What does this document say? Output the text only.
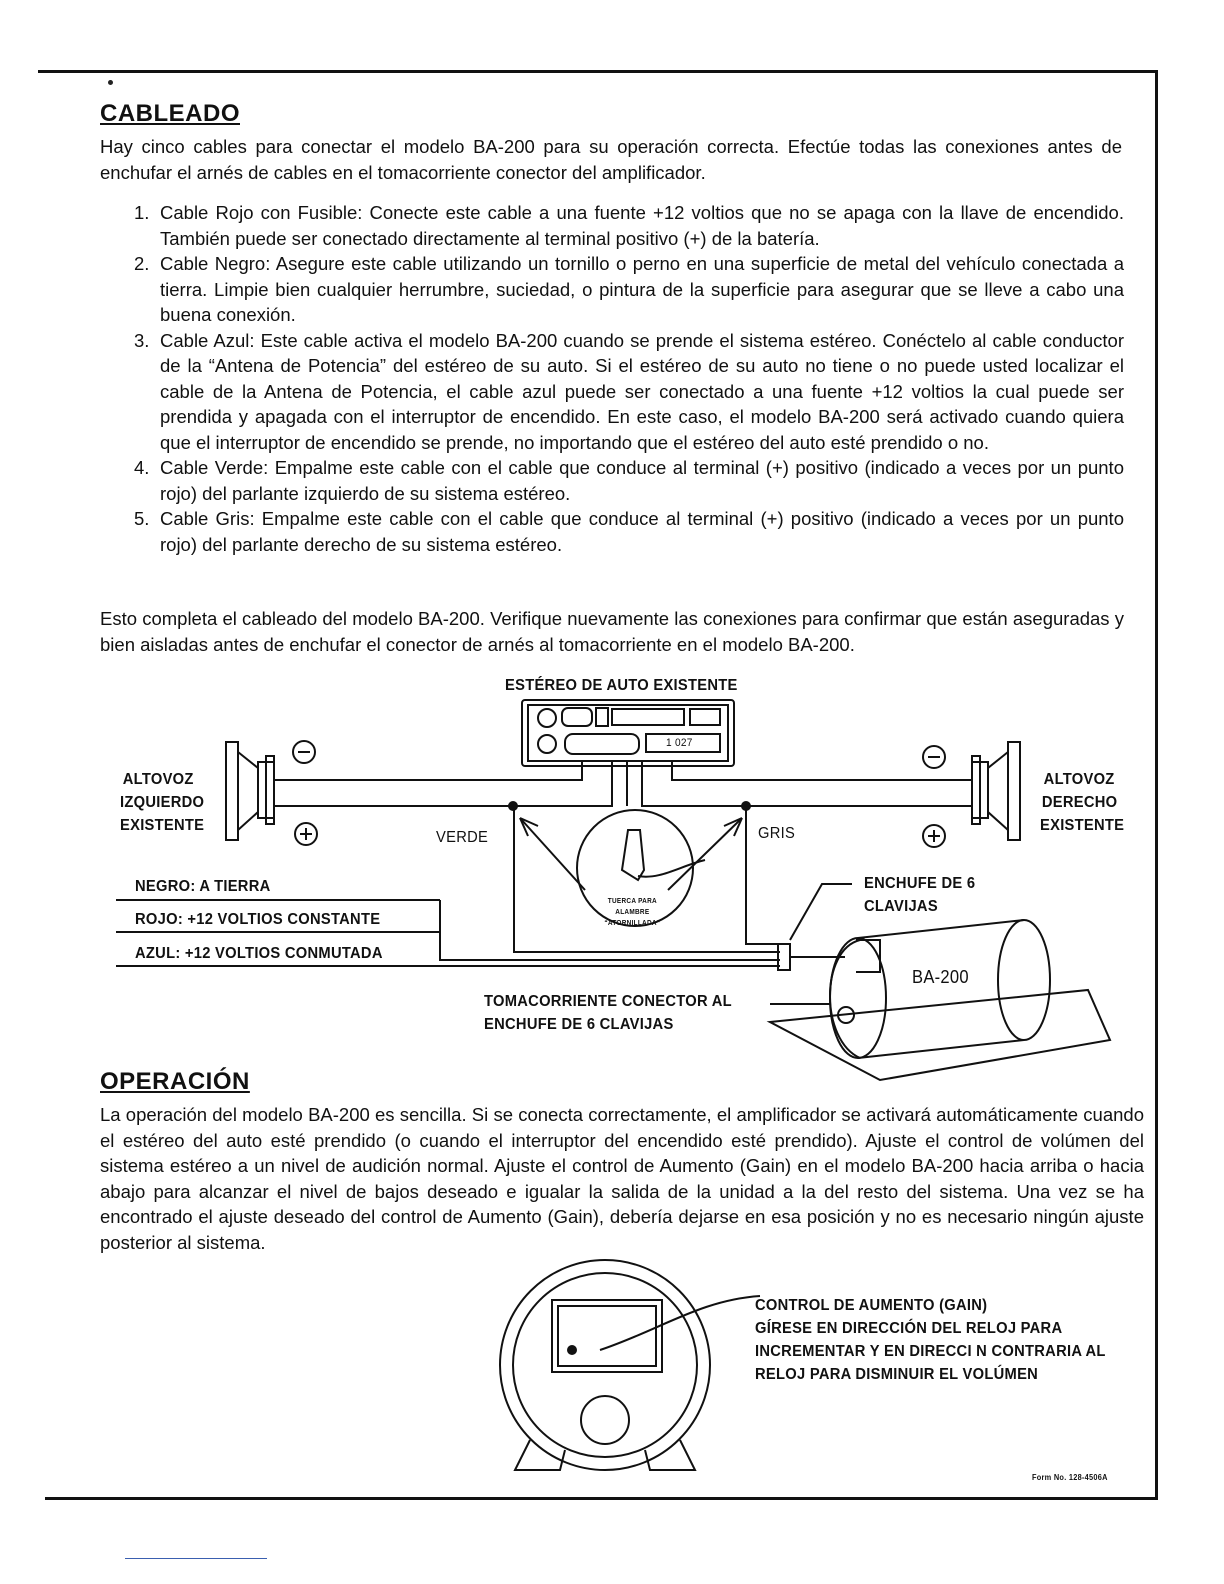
CABLEADO

Hay cinco cables para conectar el modelo BA-200 para su operación correcta. Efectúe todas las conexiones antes de enchufar el arnés de cables en el tomacorriente conector del amplificador.

1. Cable Rojo con Fusible: Conecte este cable a una fuente +12 voltios que no se apaga con la llave de encendido. También puede ser conectado directamente al terminal positivo (+) de la batería.
2. Cable Negro: Asegure este cable utilizando un tornillo o perno en una superficie de metal del vehículo conectada a tierra. Limpie bien cualquier herrumbre, suciedad, o pintura de la superficie para asegurar que se lleve a cabo una buena conexión.
3. Cable Azul: Este cable activa el modelo BA-200 cuando se prende el sistema estéreo. Conéctelo al cable conductor de la “Antena de Potencia” del estéreo de su auto. Si el estéreo de su auto no tiene o no puede usted localizar el cable de la Antena de Potencia, el cable azul puede ser conectado a una fuente +12 voltios la cual puede ser prendida y apagada con el interruptor de encendido. En este caso, el modelo BA-200 será activado cuando quiera que el interruptor de encendido se prende, no importando que el estéreo del auto esté prendido o no.
4. Cable Verde: Empalme este cable con el cable que conduce al terminal (+) positivo (indicado a veces por un punto rojo) del parlante izquierdo de su sistema estéreo.
5. Cable Gris: Empalme este cable con el cable que conduce al terminal (+) positivo (indicado a veces por un punto rojo) del parlante derecho de su sistema estéreo.

Esto completa el cableado del modelo BA-200. Verifique nuevamente las conexiones para confirmar que están aseguradas y bien aisladas antes de enchufar el conector de arnés al tomacorriente en el modelo BA-200.

ESTÉREO DE AUTO EXISTENTE
ALTOVOZ
IZQUIERDO
EXISTENTE
ALTOVOZ
DERECHO
EXISTENTE
VERDE	GRIS
NEGRO: A TIERRA
ROJO: +12 VOLTIOS CONSTANTE
AZUL: +12 VOLTIOS CONMUTADA
ENCHUFE DE 6
CLAVIJAS
TOMACORRIENTE CONECTOR AL
ENCHUFE DE 6 CLAVIJAS
TUERCA PARA
ALAMBRE
“ATORNILLADA”
BA-200
1 027
OPERACIÓN

La operación del modelo BA-200 es sencilla. Si se conecta correctamente, el amplificador se activará automáticamente cuando el estéreo del auto esté prendido (o cuando el interruptor del encendido esté prendido). Ajuste el control de volúmen del sistema estéreo a un nivel de audición normal. Ajuste el control de Aumento (Gain) en el modelo BA-200 hacia arriba o hacia abajo para alcanzar el nivel de bajos deseado e igualar la salida de la unidad a la del resto del sistema. Una vez se ha encontrado el ajuste deseado del control de Aumento (Gain), debería dejarse en esa posición y no es necesario ningún ajuste posterior al sistema.

CONTROL DE AUMENTO (GAIN)
GÍRESE EN DIRECCIÓN DEL RELOJ PARA
INCREMENTAR Y EN DIRECCI N CONTRARIA AL
RELOJ PARA DISMINUIR EL VOLÚMEN
Form No. 128-4506A
